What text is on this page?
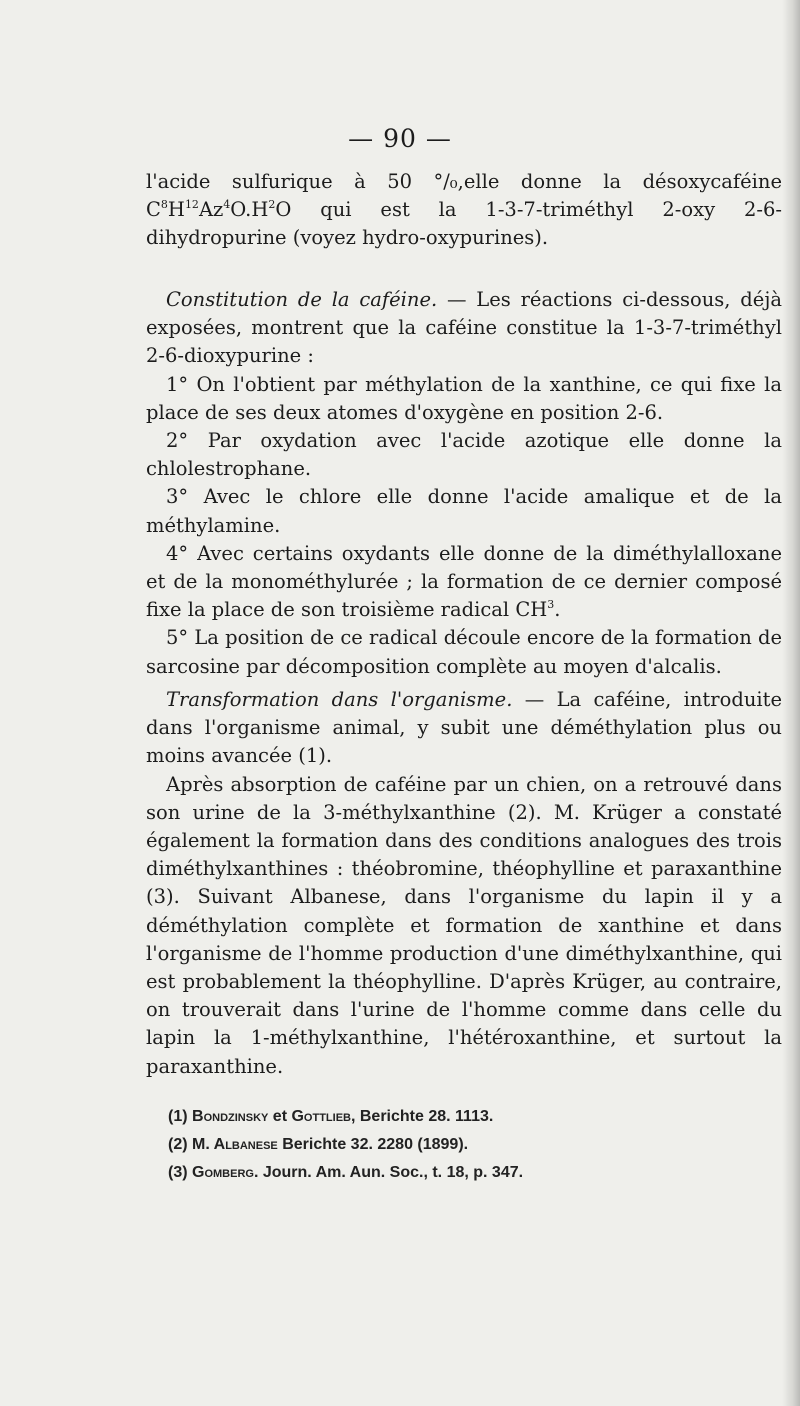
— 90 —

l'acide sulfurique à 50 °/₀,elle donne la désoxycaféine $C^8H^{12}Az^4O.H^2O$ qui est la 1-3-7-triméthyl 2-oxy 2-6-dihydropurine (voyez hydro-oxypurines).

Constitution de la caféine. — Les réactions ci-dessous, déjà exposées, montrent que la caféine constitue la 1-3-7-triméthyl 2-6-dioxypurine :

1° On l'obtient par méthylation de la xanthine, ce qui fixe la place de ses deux atomes d'oxygène en position 2-6.

2° Par oxydation avec l'acide azotique elle donne la chlolestrophane.

3° Avec le chlore elle donne l'acide amalique et de la méthylamine.

4° Avec certains oxydants elle donne de la diméthylalloxane et de la monométhylurée ; la formation de ce dernier composé fixe la place de son troisième radical $CH^3$.

5° La position de ce radical découle encore de la formation de sarcosine par décomposition complète au moyen d'alcalis.

Transformation dans l'organisme. — La caféine, introduite dans l'organisme animal, y subit une déméthylation plus ou moins avancée (1).

Après absorption de caféine par un chien, on a retrouvé dans son urine de la 3-méthylxanthine (2). M. Krüger a constaté également la formation dans des conditions analogues des trois diméthylxanthines : théobromine, théophylline et paraxanthine (3). Suivant Albanese, dans l'organisme du lapin il y a déméthylation complète et formation de xanthine et dans l'organisme de l'homme production d'une diméthylxanthine, qui est probablement la théophylline. D'après Krüger, au contraire, on trouverait dans l'urine de l'homme comme dans celle du lapin la 1-méthylxanthine, l'hétéroxanthine, et surtout la paraxanthine.

(1) Bondzinsky et Gottlieb, Berichte 28. 1113.
(2) M. Albanese Berichte 32. 2280 (1899).
(3) Gomberg. Journ. Am. Aun. Soc., t. 18, p. 347.
